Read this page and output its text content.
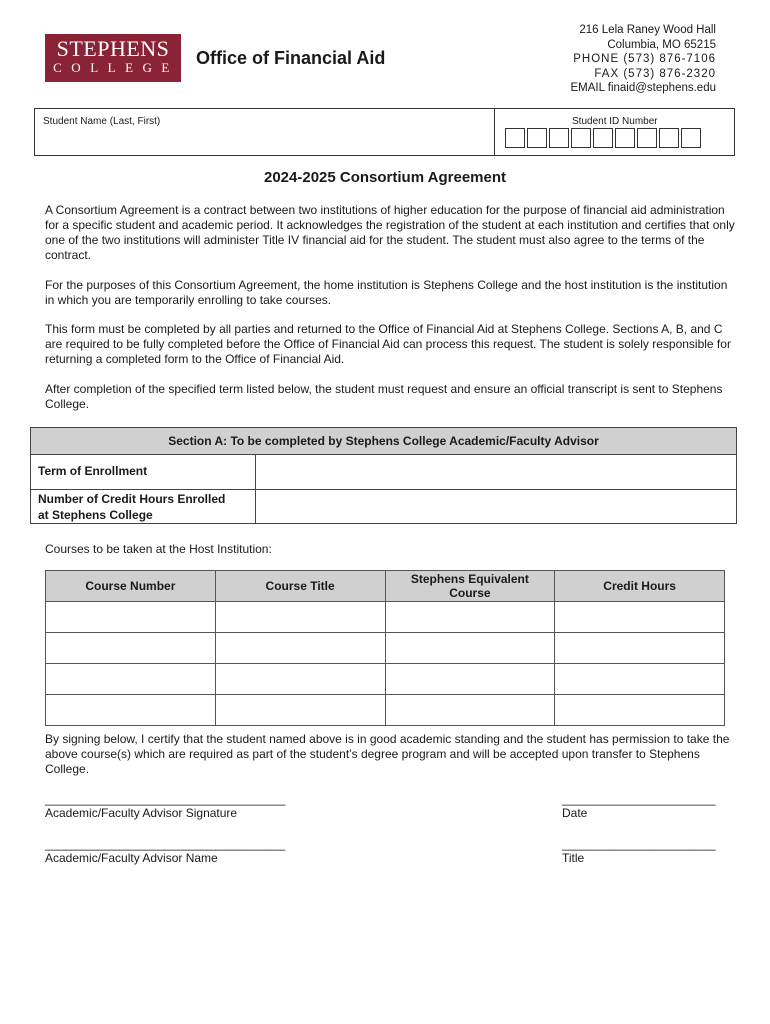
STEPHENS
COLLEGE Office of Financial Aid
216 Lela Raney Wood Hall
Columbia, MO 65215
PHONE (573) 876-7106
FAX (573) 876-2320
EMAIL finaid@stephens.edu
Student Name (Last, First)	Student ID Number
2024-2025 Consortium Agreement
A Consortium Agreement is a contract between two institutions of higher education for the purpose of financial aid administration for a specific student and academic period. It acknowledges the registration of the student at each institution and certifies that only one of the two institutions will administer Title IV financial aid for the student. The student must also agree to the terms of the contract.
For the purposes of this Consortium Agreement, the home institution is Stephens College and the host institution is the institution in which you are temporarily enrolling to take courses.
This form must be completed by all parties and returned to the Office of Financial Aid at Stephens College. Sections A, B, and C are required to be fully completed before the Office of Financial Aid can process this request. The student is solely responsible for returning a completed form to the Office of Financial Aid.
After completion of the specified term listed below, the student must request and ensure an official transcript is sent to Stephens College.
Section A: To be completed by Stephens College Academic/Faculty Advisor
Term of Enrollment
Number of Credit Hours Enrolled
at Stephens College
Courses to be taken at the Host Institution:
Course Number	Course Title	Stephens Equivalent Course	Credit Hours

By signing below, I certify that the student named above is in good academic standing and the student has permission to take the above course(s) which are required as part of the student’s degree program and will be accepted upon transfer to Stephens College.
____________________________________
Academic/Faculty Advisor Signature
_______________________
Date
____________________________________
Academic/Faculty Advisor Name
_______________________
Title
